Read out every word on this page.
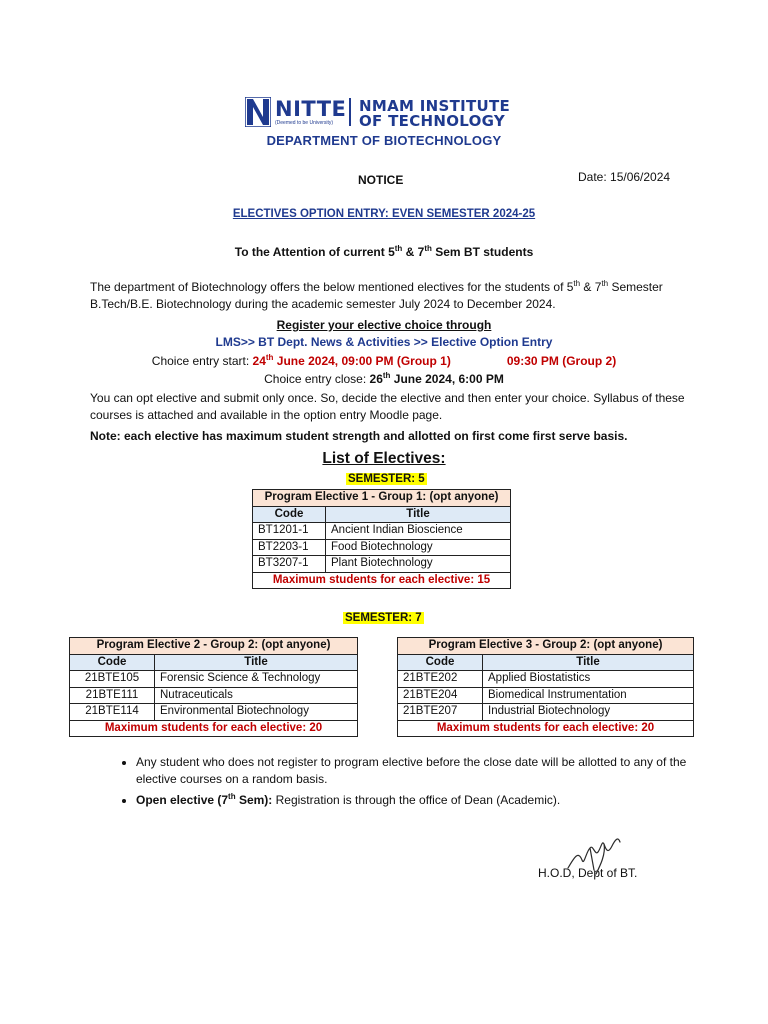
NITTE
(Deemed to be University)
NMAM INSTITUTE
OF TECHNOLOGY
DEPARTMENT OF BIOTECHNOLOGY
NOTICE	Date: 15/06/2024
ELECTIVES OPTION ENTRY: EVEN SEMESTER 2024-25
To the Attention of current 5th & 7th Sem BT students
The department of Biotechnology offers the below mentioned electives for the students of 5th & 7th Semester B.Tech/B.E. Biotechnology during the academic semester July 2024 to December 2024.
Register your elective choice through
LMS>> BT Dept. News & Activities >> Elective Option Entry
Choice entry start: 24th June 2024, 09:00 PM (Group 1)	09:30 PM (Group 2)
Choice entry close: 26th June 2024, 6:00 PM
You can opt elective and submit only once. So, decide the elective and then enter your choice. Syllabus of these courses is attached and available in the option entry Moodle page.
Note: each elective has maximum student strength and allotted on first come first serve basis.
List of Electives:
SEMESTER: 5
Program Elective 1 - Group 1: (opt anyone)	
Code	Title
BT1201-1	Ancient Indian Bioscience
BT2203-1	Food Biotechnology
BT3207-1	Plant Biotechnology
Maximum students for each elective: 15	
SEMESTER: 7
Program Elective 2 - Group 2: (opt anyone)	
Code	Title
21BTE105	Forensic Science & Technology
21BTE111	Nutraceuticals
21BTE114	Environmental Biotechnology
Maximum students for each elective: 20	
Program Elective 3 - Group 2: (opt anyone)	
Code	Title
21BTE202	Applied Biostatistics
21BTE204	Biomedical Instrumentation
21BTE207	Industrial Biotechnology
Maximum students for each elective: 20	
• Any student who does not register to program elective before the close date will be allotted to any of the elective courses on a random basis.
• Open elective (7th Sem): Registration is through the office of Dean (Academic).
H.O.D, Dept of BT.
